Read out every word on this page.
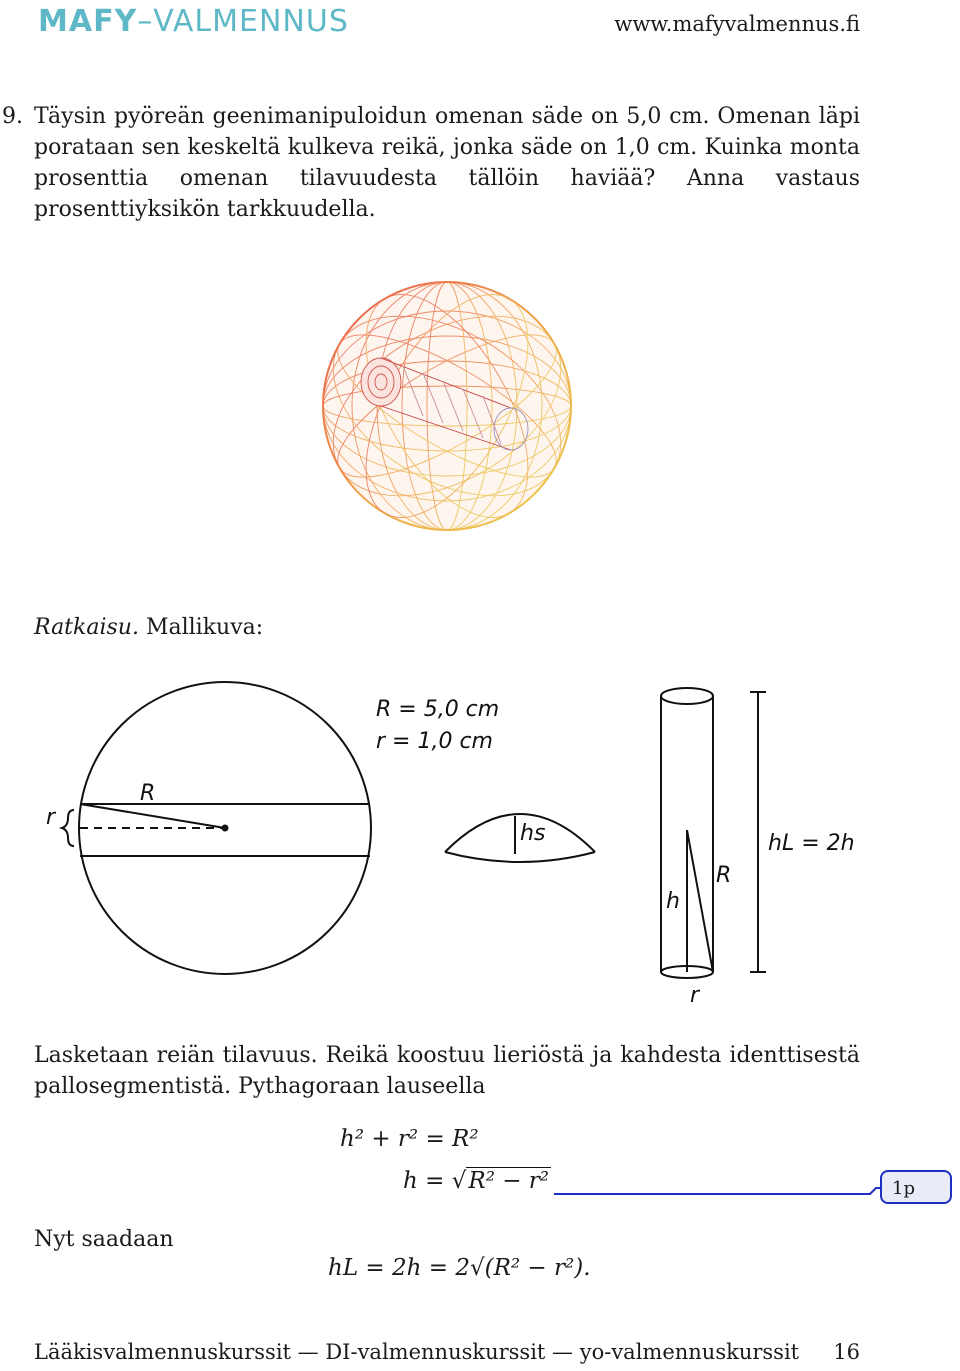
MAFY–VALMENNUS	www.mafyvalmennus.fi
9. Täysin pyöreän geenimanipuloidun omenan säde on 5,0 cm. Omenan läpi porataan sen keskeltä kulkeva reikä, jonka säde on 1,0 cm. Kuinka monta prosenttia omenan tilavuudesta tällöin haviää? Anna vastaus prosenttiyksikön tarkkuudella.
Ratkaisu. Mallikuva:
R = 5,0 cm
r = 1,0 cm
R
r
hs
R
h
r
hL = 2h
Lasketaan reiän tilavuus. Reikä koostuu lieriöstä ja kahdesta identtisestä pallosegmentistä. Pythagoraan lauseella
h² + r² = R²
h = √R² − r²	1p
Nyt saadaan
hL = 2h = 2√(R² − r²).
Lääkisvalmennuskurssit — DI-valmennuskurssit — yo-valmennuskurssit 16
